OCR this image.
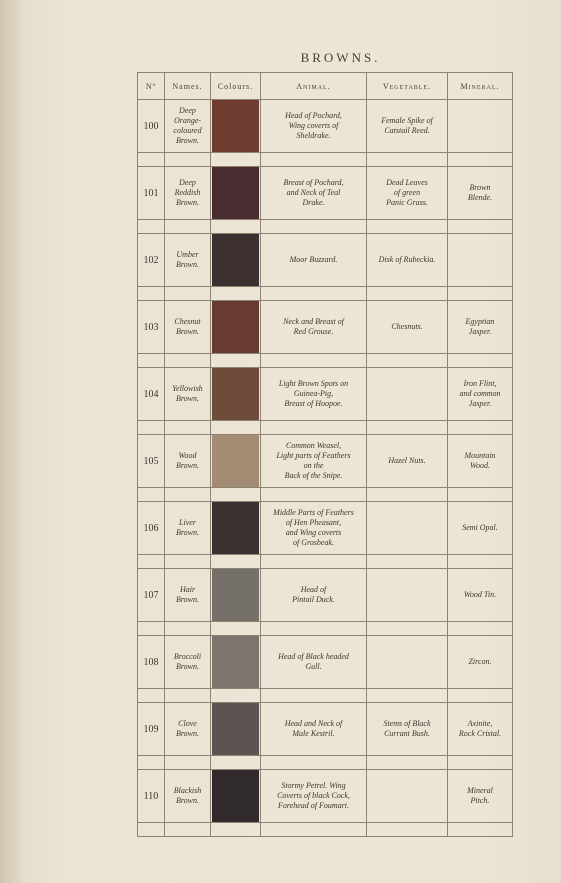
BROWNS.
Nº	Names.	Colours.	Animal.	Vegetable.	Mineral.
100	Deep
Orange-
coloured
Brown.		Head of Pochard,
Wing coverts of
Sheldrake.	Female Spike of
Catstail Reed.	

101	Deep
Reddish
Brown.		Breast of Pochard,
and Neck of Teal
Drake.	Dead Leaves
of green
Panic Grass.	Brown
Blende.

102	Umber
Brown.		Moor Buzzard.	Disk of Rubeckia.	

103	Chesnut
Brown.		Neck and Breast of
Red Grouse.	Chesnuts.	Egyptian
Jasper.

104	Yellowish
Brown.		Light Brown Spots on
Guinea-Pig,
Breast of Hoopoe.		Iron Flint,
and common
Jasper.

105	Wood
Brown.		Common Weasel,
Light parts of Feathers
on the
Back of the Snipe.	Hazel Nuts.	Mountain
Wood.

106	Liver
Brown.		Middle Parts of Feathers
of Hen Pheasant,
and Wing coverts
of Grosbeak.		Semi Opal.

107	Hair
Brown.		Head of
Pintail Duck.		Wood Tin.

108	Broccoli
Brown.		Head of Black headed
Gull.		Zircon.

109	Clove
Brown.		Head and Neck of
Male Kestril.	Stems of Black
Currant Bush.	Axinite,
Rock Cristal.

110	Blackish
Brown.		Stormy Petrel. Wing
Coverts of black Cock,
Forehead of Foumart.		Mineral
Pitch.
